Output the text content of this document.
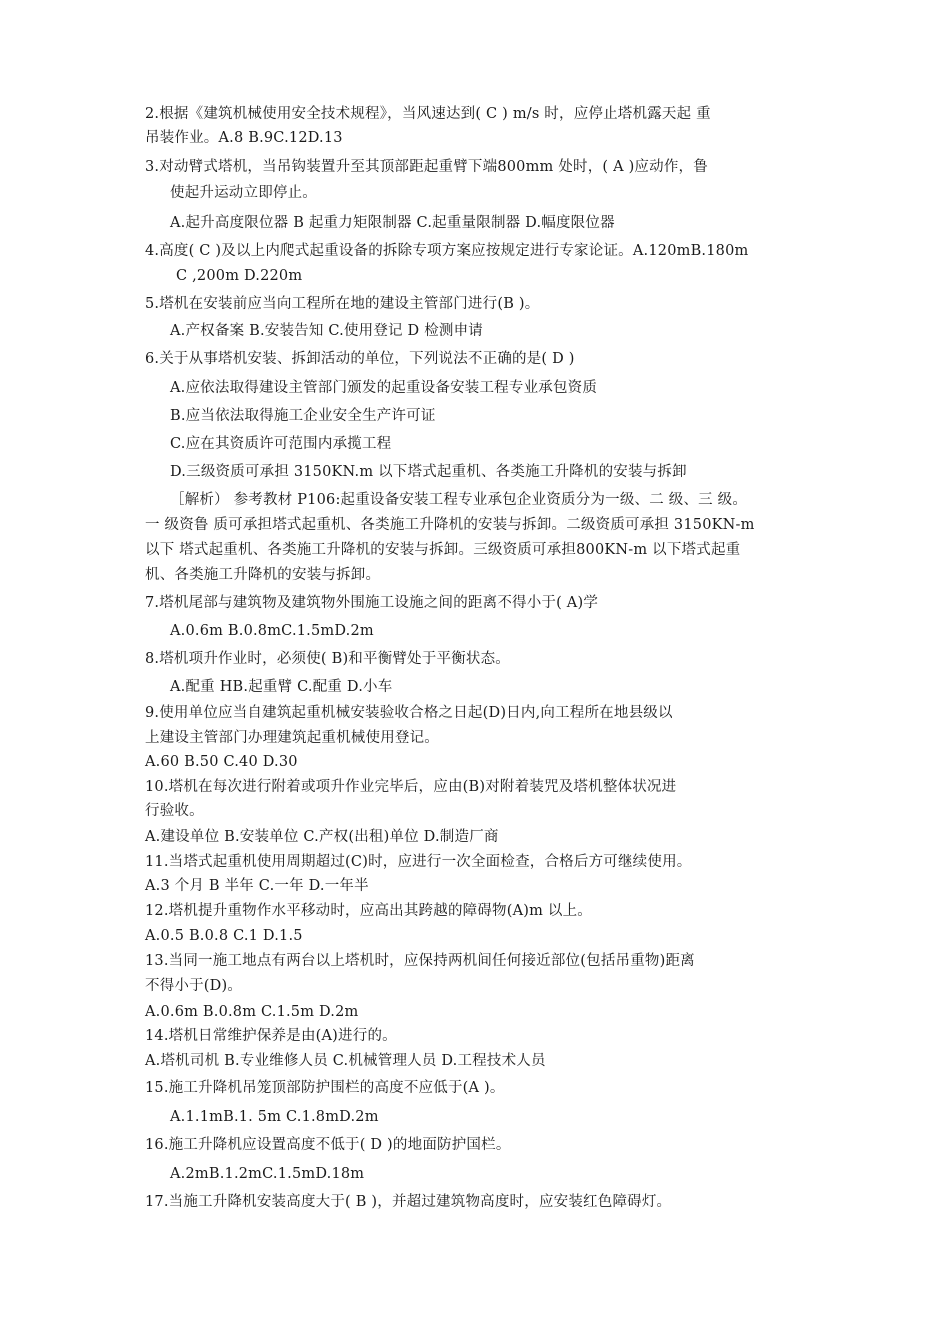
2.根据《建筑机械使用安全技术规程》，当风速达到( C ) m/s 时，应停止塔机露天起 重
吊装作业。A.8 B.9C.12D.13
3.对动臂式塔机，当吊钩装置升至其顶部距起重臂下端800mm 处时，( A )应动作，鲁
使起升运动立即停止。
A.起升高度限位器 B 起重力矩限制器 C.起重量限制器 D.幅度限位器
4.高度( C )及以上内爬式起重设备的拆除专项方案应按规定进行专家论证。A.120mB.180m
C ,200m D.220m
5.塔机在安装前应当向工程所在地的建设主管部门进行(B )。
A.产权备案 B.安装告知 C.使用登记 D 检测申请
6.关于从事塔机安装、拆卸活动的单位，下列说法不正确的是( D )
A.应依法取得建设主管部门颁发的起重设备安装工程专业承包资质
B.应当依法取得施工企业安全生产许可证
C.应在其资质许可范围内承揽工程
D.三级资质可承担 3150KN.m 以下塔式起重机、各类施工升降机的安装与拆卸
［解析） 参考教材 P106:起重设备安装工程专业承包企业资质分为一级、二 级、三 级。
一 级资鲁 质可承担塔式起重机、各类施工升降机的安装与拆卸。二级资质可承担 3150KN-m
以下 塔式起重机、各类施工升降机的安装与拆卸。三级资质可承担800KN-m 以下塔式起重
机、各类施工升降机的安装与拆卸。
7.塔机尾部与建筑物及建筑物外围施工设施之间的距离不得小于( A)学
A.0.6m B.0.8mC.1.5mD.2m
8.塔机项升作业时，必须使( B)和平衡臂处于平衡状态。
A.配重 HB.起重臂 C.配重 D.小车
9.使用单位应当自建筑起重机械安装验收合格之日起(D)日内,向工程所在地县级以
上建设主管部门办理建筑起重机械使用登记。
A.60 B.50 C.40 D.30
10.塔机在每次进行附着或项升作业完毕后，应由(B)对附着装咒及塔机整体状况进
行验收。
A.建设单位 B.安装单位 C.产权(出租)单位 D.制造厂商
11.当塔式起重机使用周期超过(C)时，应进行一次全面检查，合格后方可继续使用。
A.3 个月 B 半年 C.一年 D.一年半
12.塔机提升重物作水平移动时，应高出其跨越的障碍物(A)m 以上。
A.0.5 B.0.8 C.1 D.1.5
13.当同一施工地点有两台以上塔机时，应保持两机间任何接近部位(包括吊重物)距离
不得小于(D)。
A.0.6m B.0.8m C.1.5m D.2m
14.塔机日常维护保养是由(A)进行的。
A.塔机司机 B.专业维修人员 C.机械管理人员 D.工程技术人员
15.施工升降机吊笼顶部防护围栏的高度不应低于(A )。
A.1.1mB.1. 5m C.1.8mD.2m
16.施工升降机应设置高度不低于( D )的地面防护国栏。
A.2mB.1.2mC.1.5mD.18m
17.当施工升降机安装高度大于( B )，并超过建筑物高度时，应安装红色障碍灯。
